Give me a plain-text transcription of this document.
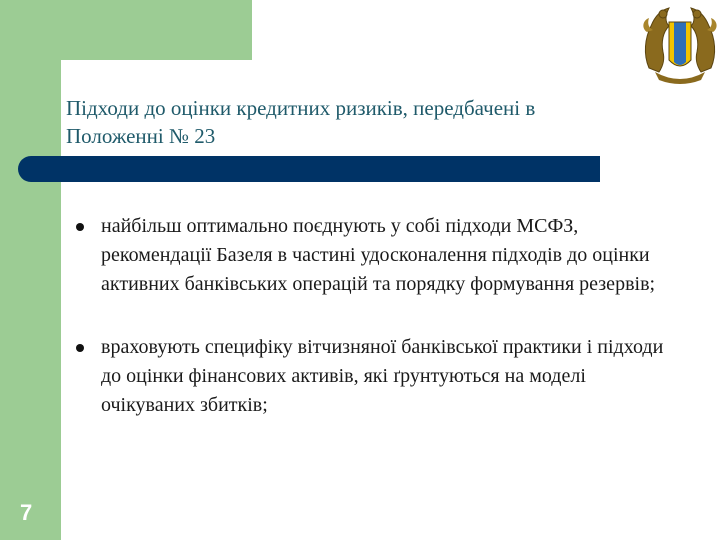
Підходи до оцінки кредитних ризиків, передбачені в Положенні № 23
найбільш оптимально поєднують у собі підходи МСФЗ, рекомендації Базеля в частині удосконалення підходів до оцінки активних банківських операцій та порядку формування резервів;
враховують специфіку вітчизняної банківської практики і підходи до оцінки фінансових активів, які ґрунтуються на моделі очікуваних збитків;
7
